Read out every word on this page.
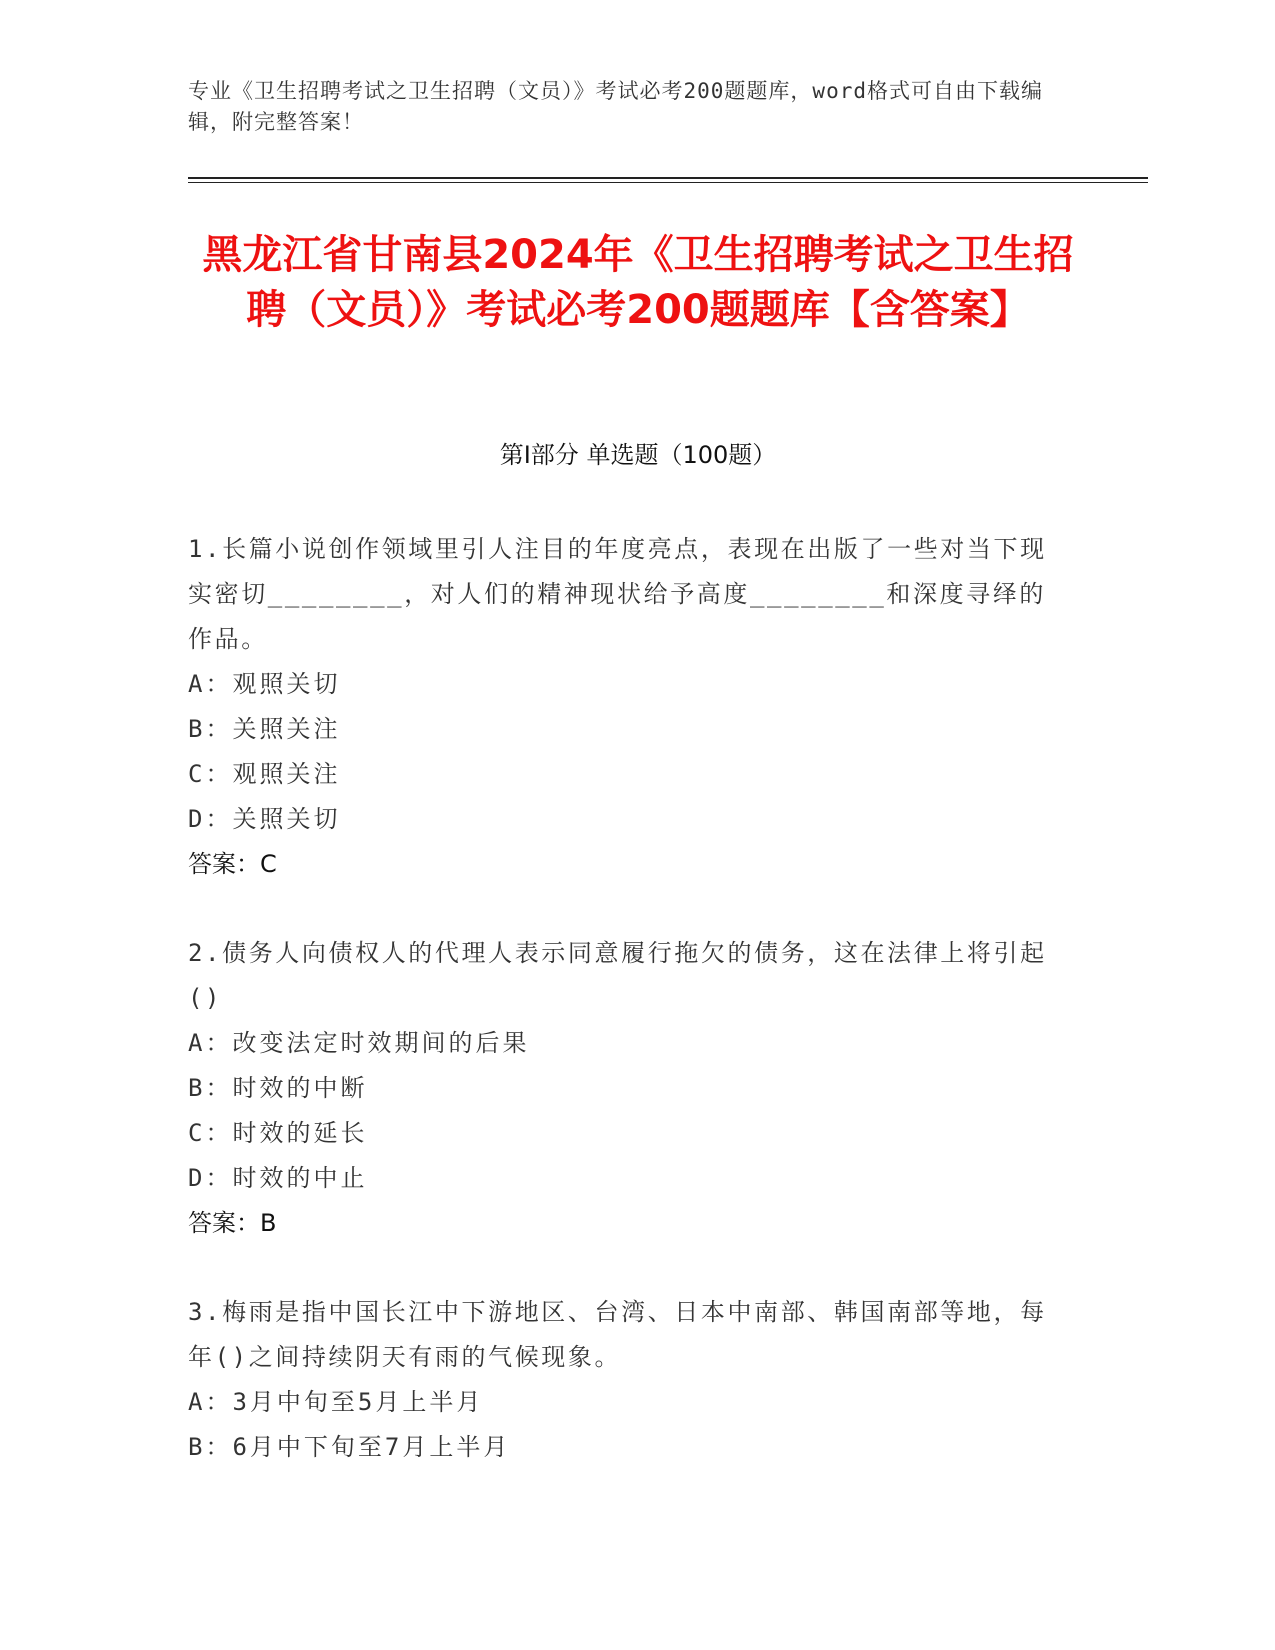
专业《卫生招聘考试之卫生招聘（文员）》考试必考200题题库，word格式可自由下载编辑，附完整答案！
黑龙江省甘南县2024年《卫生招聘考试之卫生招聘（文员）》考试必考200题题库【含答案】
第Ⅰ部分 单选题（100题）

1.长篇小说创作领域里引人注目的年度亮点，表现在出版了一些对当下现实密切________，对人们的精神现状给予高度________和深度寻绎的作品。

A：观照关切

B：关照关注

C：观照关注

D：关照关切

答案：C

2.债务人向债权人的代理人表示同意履行拖欠的债务，这在法律上将引起()

A：改变法定时效期间的后果

B：时效的中断

C：时效的延长

D：时效的中止

答案：B

3.梅雨是指中国长江中下游地区、台湾、日本中南部、韩国南部等地，每年()之间持续阴天有雨的气候现象。

A：3月中旬至5月上半月

B：6月中下旬至7月上半月
